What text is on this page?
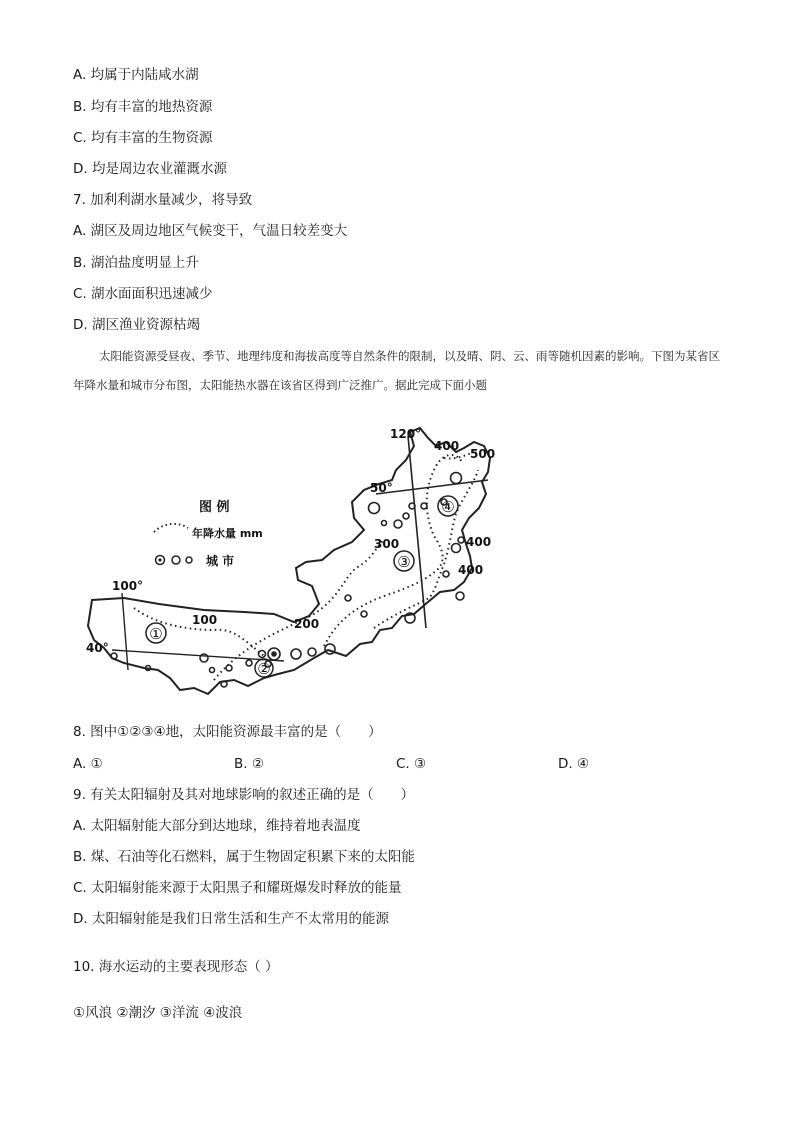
A. 均属于内陆咸水湖
B. 均有丰富的地热资源
C. 均有丰富的生物资源
D. 均是周边农业灌溉水源
7. 加利利湖水量减少，将导致
A. 湖区及周边地区气候变干，气温日较差变大
B. 湖泊盐度明显上升
C. 湖水面面积迅速减少
D. 湖区渔业资源枯竭
太阳能资源受昼夜、季节、地理纬度和海拔高度等自然条件的限制，以及晴、阴、云、雨等随机因素的影响。下图为某省区年降水量和城市分布图，太阳能热水器在该省区得到广泛推广。据此完成下面小题
①
②
③
④
100°
120°
40°
50°
100	200
300
400
400
400
500
图 例
年降水量 mm
城 市
8. 图中①②③④地，太阳能资源最丰富的是（　　）
A. ①	B. ②	C. ③	D. ④
9. 有关太阳辐射及其对地球影响的叙述正确的是（　　）
A. 太阳辐射能大部分到达地球，维持着地表温度
B. 煤、石油等化石燃料，属于生物固定积累下来的太阳能
C. 太阳辐射能来源于太阳黑子和耀斑爆发时释放的能量
D. 太阳辐射能是我们日常生活和生产不太常用的能源
10. 海水运动的主要表现形态（ ）
①风浪 ②潮汐 ③洋流 ④波浪
